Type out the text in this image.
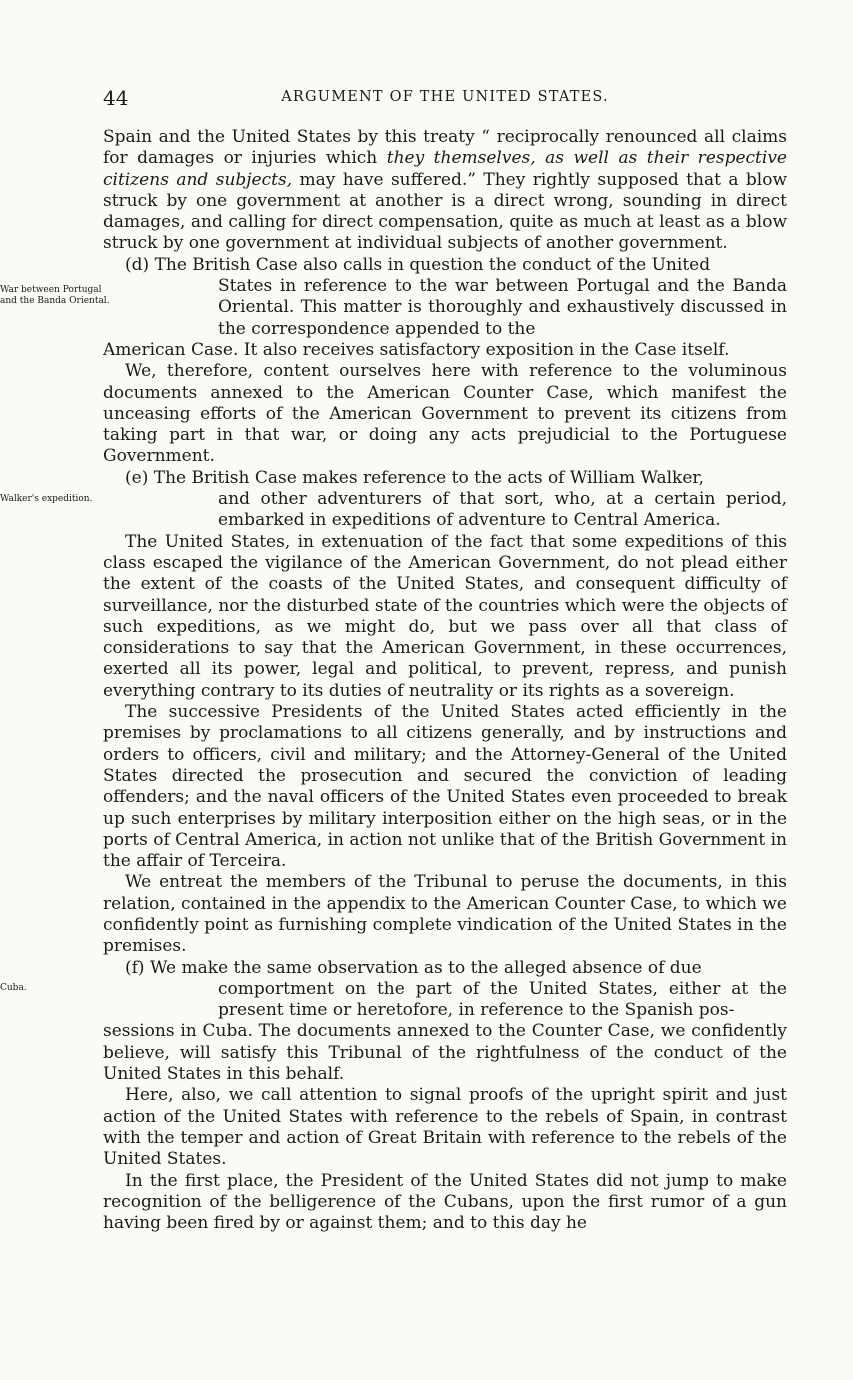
44	ARGUMENT OF THE UNITED STATES.

Spain and the United States by this treaty “ reciprocally renounced all claims for damages or injuries which they themselves, as well as their respective citizens and subjects, may have suffered.” They rightly supposed that a blow struck by one government at another is a direct wrong, sounding in direct damages, and calling for direct compensation, quite as much at least as a blow struck by one government at individual subjects of another government.

(d) The British Case also calls in question the conduct of the United

War between Portugal and the Banda Oriental.

States in reference to the war between Portugal and the Banda Oriental. This matter is thoroughly and exhaustively discussed in the correspondence appended to the

American Case. It also receives satisfactory exposition in the Case itself.

We, therefore, content ourselves here with reference to the voluminous documents annexed to the American Counter Case, which manifest the unceasing efforts of the American Government to prevent its citizens from taking part in that war, or doing any acts prejudicial to the Portuguese Government.

(e) The British Case makes reference to the acts of William Walker,

Walker's expedition.	and other adventurers of that sort, who, at a certain period, embarked in expeditions of adventure to Central America.

The United States, in extenuation of the fact that some expeditions of this class escaped the vigilance of the American Government, do not plead either the extent of the coasts of the United States, and consequent difficulty of surveillance, nor the disturbed state of the countries which were the objects of such expeditions, as we might do, but we pass over all that class of considerations to say that the American Government, in these occurrences, exerted all its power, legal and political, to prevent, repress, and punish everything contrary to its duties of neutrality or its rights as a sovereign.

The successive Presidents of the United States acted efficiently in the premises by proclamations to all citizens generally, and by instructions and orders to officers, civil and military; and the Attorney-General of the United States directed the prosecution and secured the conviction of leading offenders; and the naval officers of the United States even proceeded to break up such enterprises by military interposition either on the high seas, or in the ports of Central America, in action not unlike that of the British Government in the affair of Terceira.

We entreat the members of the Tribunal to peruse the documents, in this relation, contained in the appendix to the American Counter Case, to which we confidently point as furnishing complete vindication of the United States in the premises.

(f) We make the same observation as to the alleged absence of due

Cuba.	comportment on the part of the United States, either at the present time or heretofore, in reference to the Spanish pos-

sessions in Cuba. The documents annexed to the Counter Case, we confidently believe, will satisfy this Tribunal of the rightfulness of the conduct of the United States in this behalf.

Here, also, we call attention to signal proofs of the upright spirit and just action of the United States with reference to the rebels of Spain, in contrast with the temper and action of Great Britain with reference to the rebels of the United States.

In the first place, the President of the United States did not jump to make recognition of the belligerence of the Cubans, upon the first rumor of a gun having been fired by or against them; and to this day he
